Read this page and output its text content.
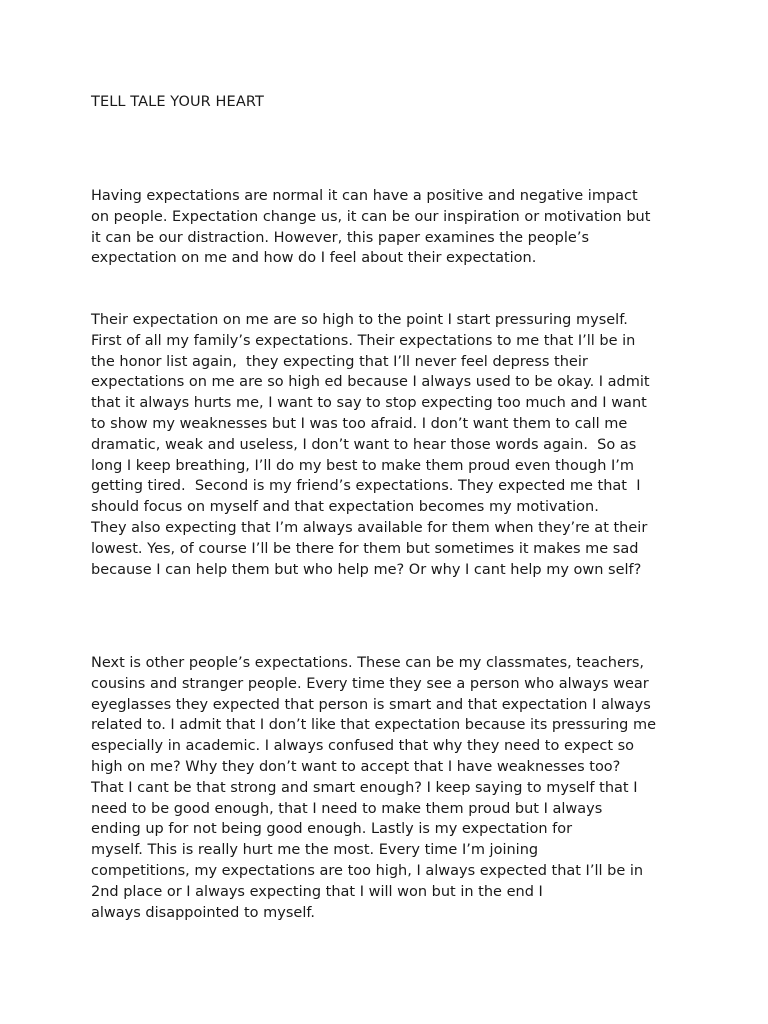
TELL TALE YOUR HEART
Having expectations are normal it can have a positive and negative impact
on people. Expectation change us, it can be our inspiration or motivation but
it can be our distraction. However, this paper examines the people’s
expectation on me and how do I feel about their expectation.
Their expectation on me are so high to the point I start pressuring myself.
First of all my family’s expectations. Their expectations to me that I’ll be in
the honor list again,  they expecting that I’ll never feel depress their
expectations on me are so high ed because I always used to be okay. I admit
that it always hurts me, I want to say to stop expecting too much and I want
to show my weaknesses but I was too afraid. I don’t want them to call me
dramatic, weak and useless, I don’t want to hear those words again.  So as
long I keep breathing, I’ll do my best to make them proud even though I’m
getting tired.  Second is my friend’s expectations. They expected me that  I
should focus on myself and that expectation becomes my motivation.
They also expecting that I’m always available for them when they’re at their
lowest. Yes, of course I’ll be there for them but sometimes it makes me sad
because I can help them but who help me? Or why I cant help my own self?
Next is other people’s expectations. These can be my classmates, teachers,
cousins and stranger people. Every time they see a person who always wear
eyeglasses they expected that person is smart and that expectation I always
related to. I admit that I don’t like that expectation because its pressuring me
especially in academic. I always confused that why they need to expect so
high on me? Why they don’t want to accept that I have weaknesses too?
That I cant be that strong and smart enough? I keep saying to myself that I
need to be good enough, that I need to make them proud but I always
ending up for not being good enough. Lastly is my expectation for
myself. This is really hurt me the most. Every time I’m joining
competitions, my expectations are too high, I always expected that I’ll be in
2nd place or I always expecting that I will won but in the end I
always disappointed to myself.
